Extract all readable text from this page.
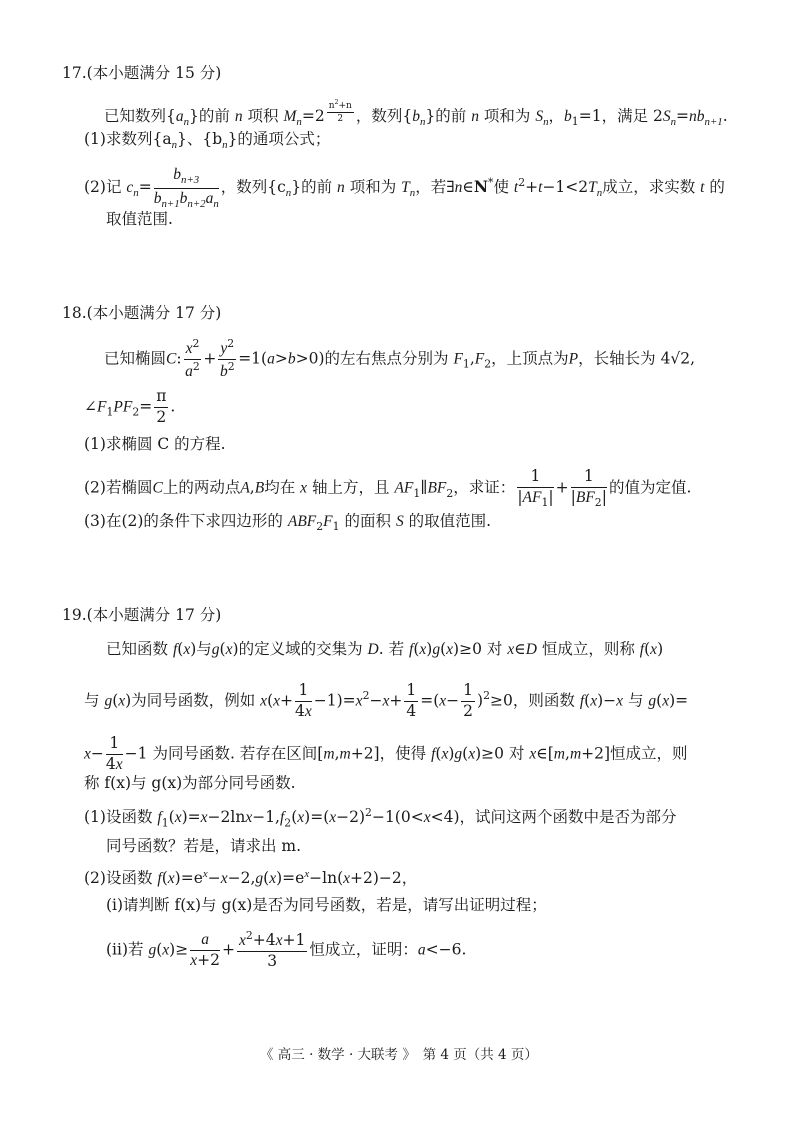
17.(本小题满分 15 分)
已知数列$\{a_n\}$的前 n 项积 $M_n=2$ $^{\frac{n^2+n}{2}}$ ，数列$\{b_n\}$的前 n 项和为 $S_n$，$b_1=1$，满足 $2S_n=nb_{n+1}$.
(1)求数列$\{a_n\}$、$\{b_n\}$的通项公式；
(2)记 $c_n= \frac{b_{n+3}}{b_{n+1}b_{n+2}a_n}$ ，数列$\{c_n\}$的前 n 项和为 $T_n$，若∃n∈N*使 $t^2+t-1<2T_n$成立，求实数 t 的
取值范围.
18.(本小题满分 17 分)
已知椭圆C: $\frac{x^2}{a^2} + \frac{y^2}{b^2} =1(a>b>0)$的左右焦点分别为 $F_1,F_2$，上顶点为P，长轴长为 4√2,
$\angle F_1PF_2= \frac{\pi}{2}$ .
(1)求椭圆 C 的方程.
(2)若椭圆C上的两动点A,B均在 x 轴上方，且 $AF_1\parallel BF_2$，求证： $\frac{1}{|AF_1|} + \frac{1}{|BF_2|}$ 的值为定值.
(3)在(2)的条件下求四边形的 $ABF_2F_1$ 的面积 S 的取值范围.
19.(本小题满分 17 分)
已知函数 f(x)与g(x)的定义域的交集为 D. 若 f(x)g(x)≥0 对 x∈D 恒成立，则称 f(x)
与 g(x)为同号函数，例如 $x(x+ \frac{1}{4x} -1)=x^2-x+ \frac{1}{4} =(x- \frac{1}{2} )^2\ge 0$，则函数 f(x)−x 与 g(x)=
$x- \frac{1}{4x} -1$ 为同号函数. 若存在区间[m,m+2]，使得 f(x)g(x)≥0 对 x∈[m,m+2]恒成立，则
称 f(x)与 g(x)为部分同号函数.
(1)设函数 $f_1(x)=x-2\ln x-1,f_2(x)=(x-2)^2-1(0<x<4)$，试问这两个函数中是否为部分
同号函数？若是，请求出 m.
(2)设函数 $f(x)=e^x-x-2,g(x)=e^x-\ln(x+2)-2$，
(ⅰ)请判断 f(x)与 g(x)是否为同号函数，若是，请写出证明过程；
(ⅱ)若 $g(x)\ge \frac{a}{x+2} + \frac{x^2+4x+1}{3}$ 恒成立，证明：a<−6.
《 高三 · 数学 · 大联考 》　第 4 页（共 4 页）
